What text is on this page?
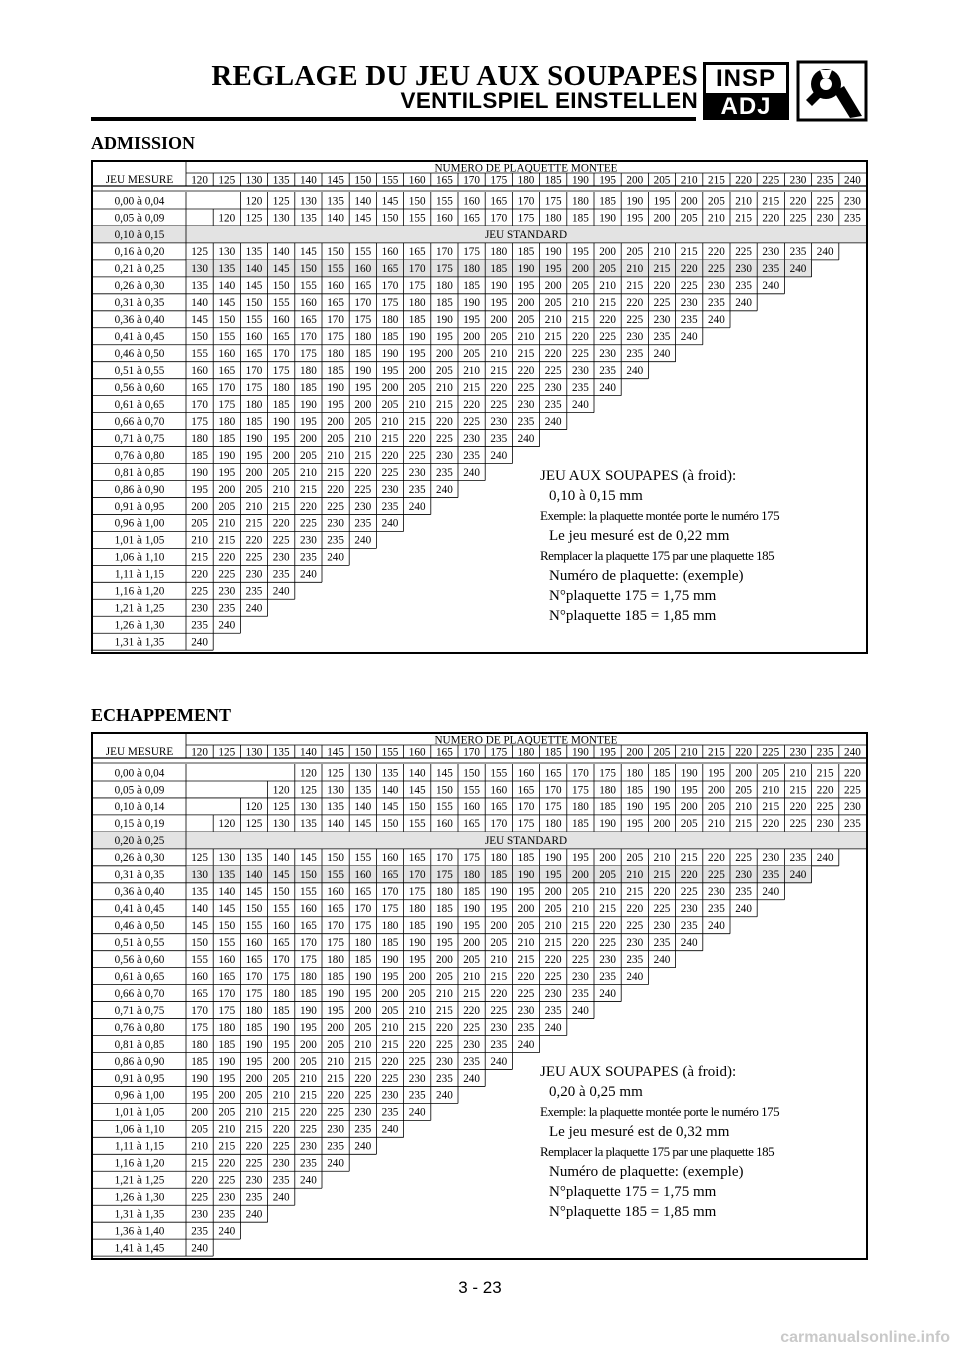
REGLAGE DU JEU AUX SOUPAPES
VENTILSPIEL EINSTELLEN
INSP
ADJ
ADMISSION
JEU MESURE
NUMERO DE PLAQUETTE MONTEE
120 125 130 135 140 145 150 155 160 165 170 175 180 185 190 195 200 205 210 215 220 225 230 235 240
0,00 à 0,04	120 125 130 135 140 145 150 155 160 165 170 175 180 185 190 195 200 205 210 215 220 225 230
0,05 à 0,09	120 125 130 135 140 145 150 155 160 165 170 175 180 185 190 195 200 205 210 215 220 225 230 235
0,10 à 0,15	JEU STANDARD
0,16 à 0,20 125 130 135 140 145 150 155 160 165 170 175 180 185 190 195 200 205 210 215 220 225 230 235 240
0,21 à 0,25 130 135 140 145 150 155 160 165 170 175 180 185 190 195 200 205 210 215 220 225 230 235 240
0,26 à 0,30 135 140 145 150 155 160 165 170 175 180 185 190 195 200 205 210 215 220 225 230 235 240
0,31 à 0,35 140 145 150 155 160 165 170 175 180 185 190 195 200 205 210 215 220 225 230 235 240
0,36 à 0,40 145 150 155 160 165 170 175 180 185 190 195 200 205 210 215 220 225 230 235 240
0,41 à 0,45 150 155 160 165 170 175 180 185 190 195 200 205 210 215 220 225 230 235 240
0,46 à 0,50 155 160 165 170 175 180 185 190 195 200 205 210 215 220 225 230 235 240
0,51 à 0,55 160 165 170 175 180 185 190 195 200 205 210 215 220 225 230 235 240
0,56 à 0,60 165 170 175 180 185 190 195 200 205 210 215 220 225 230 235 240
0,61 à 0,65 170 175 180 185 190 195 200 205 210 215 220 225 230 235 240
0,66 à 0,70 175 180 185 190 195 200 205 210 215 220 225 230 235 240
0,71 à 0,75 180 185 190 195 200 205 210 215 220 225 230 235 240
0,76 à 0,80 185 190 195 200 205 210 215 220 225 230 235 240
0,81 à 0,85 190 195 200 205 210 215 220 225 230 235 240
0,86 à 0,90 195 200 205 210 215 220 225 230 235 240
0,91 à 0,95 200 205 210 215 220 225 230 235 240
0,96 à 1,00 205 210 215 220 225 230 235 240
1,01 à 1,05 210 215 220 225 230 235 240
1,06 à 1,10 215 220 225 230 235 240
1,11 à 1,15 220 225 230 235 240
1,16 à 1,20 225 230 235 240
1,21 à 1,25 230 235 240
1,26 à 1,30 235 240
1,31 à 1,35 240
JEU AUX SOUPAPES (à froid):
0,10 à 0,15 mm
Exemple: la plaquette montée porte le numéro 175
Le jeu mesuré est de 0,22 mm
Remplacer la plaquette 175 par une plaquette 185
Numéro de plaquette: (exemple)
N°plaquette 175 = 1,75 mm
N°plaquette 185 = 1,85 mm
ECHAPPEMENT
JEU MESURE
NUMERO DE PLAQUETTE MONTEE
120 125 130 135 140 145 150 155 160 165 170 175 180 185 190 195 200 205 210 215 220 225 230 235 240
0,00 à 0,04	120 125 130 135 140 145 150 155 160 165 170 175 180 185 190 195 200 205 210 215 220
0,05 à 0,09	120 125 130 135 140 145 150 155 160 165 170 175 180 185 190 195 200 205 210 215 220 225
0,10 à 0,14	120 125 130 135 140 145 150 155 160 165 170 175 180 185 190 195 200 205 210 215 220 225 230
0,15 à 0,19	120 125 130 135 140 145 150 155 160 165 170 175 180 185 190 195 200 205 210 215 220 225 230 235
0,20 à 0,25	JEU STANDARD
0,26 à 0,30 125 130 135 140 145 150 155 160 165 170 175 180 185 190 195 200 205 210 215 220 225 230 235 240
0,31 à 0,35 130 135 140 145 150 155 160 165 170 175 180 185 190 195 200 205 210 215 220 225 230 235 240
0,36 à 0,40 135 140 145 150 155 160 165 170 175 180 185 190 195 200 205 210 215 220 225 230 235 240
0,41 à 0,45 140 145 150 155 160 165 170 175 180 185 190 195 200 205 210 215 220 225 230 235 240
0,46 à 0,50 145 150 155 160 165 170 175 180 185 190 195 200 205 210 215 220 225 230 235 240
0,51 à 0,55 150 155 160 165 170 175 180 185 190 195 200 205 210 215 220 225 230 235 240
0,56 à 0,60 155 160 165 170 175 180 185 190 195 200 205 210 215 220 225 230 235 240
0,61 à 0,65 160 165 170 175 180 185 190 195 200 205 210 215 220 225 230 235 240
0,66 à 0,70 165 170 175 180 185 190 195 200 205 210 215 220 225 230 235 240
0,71 à 0,75 170 175 180 185 190 195 200 205 210 215 220 225 230 235 240
0,76 à 0,80 175 180 185 190 195 200 205 210 215 220 225 230 235 240
0,81 à 0,85 180 185 190 195 200 205 210 215 220 225 230 235 240
0,86 à 0,90 185 190 195 200 205 210 215 220 225 230 235 240
0,91 à 0,95 190 195 200 205 210 215 220 225 230 235 240
0,96 à 1,00 195 200 205 210 215 220 225 230 235 240
1,01 à 1,05 200 205 210 215 220 225 230 235 240
1,06 à 1,10 205 210 215 220 225 230 235 240
1,11 à 1,15 210 215 220 225 230 235 240
1,16 à 1,20 215 220 225 230 235 240
1,21 à 1,25 220 225 230 235 240
1,26 à 1,30 225 230 235 240
1,31 à 1,35 230 235 240
1,36 à 1,40 235 240
1,41 à 1,45 240
JEU AUX SOUPAPES (à froid):
0,20 à 0,25 mm
Exemple: la plaquette montée porte le numéro 175
Le jeu mesuré est de 0,32 mm
Remplacer la plaquette 175 par une plaquette 185
Numéro de plaquette: (exemple)
N°plaquette 175 = 1,75 mm
N°plaquette 185 = 1,85 mm
3 - 23
carmanualsonline.info
